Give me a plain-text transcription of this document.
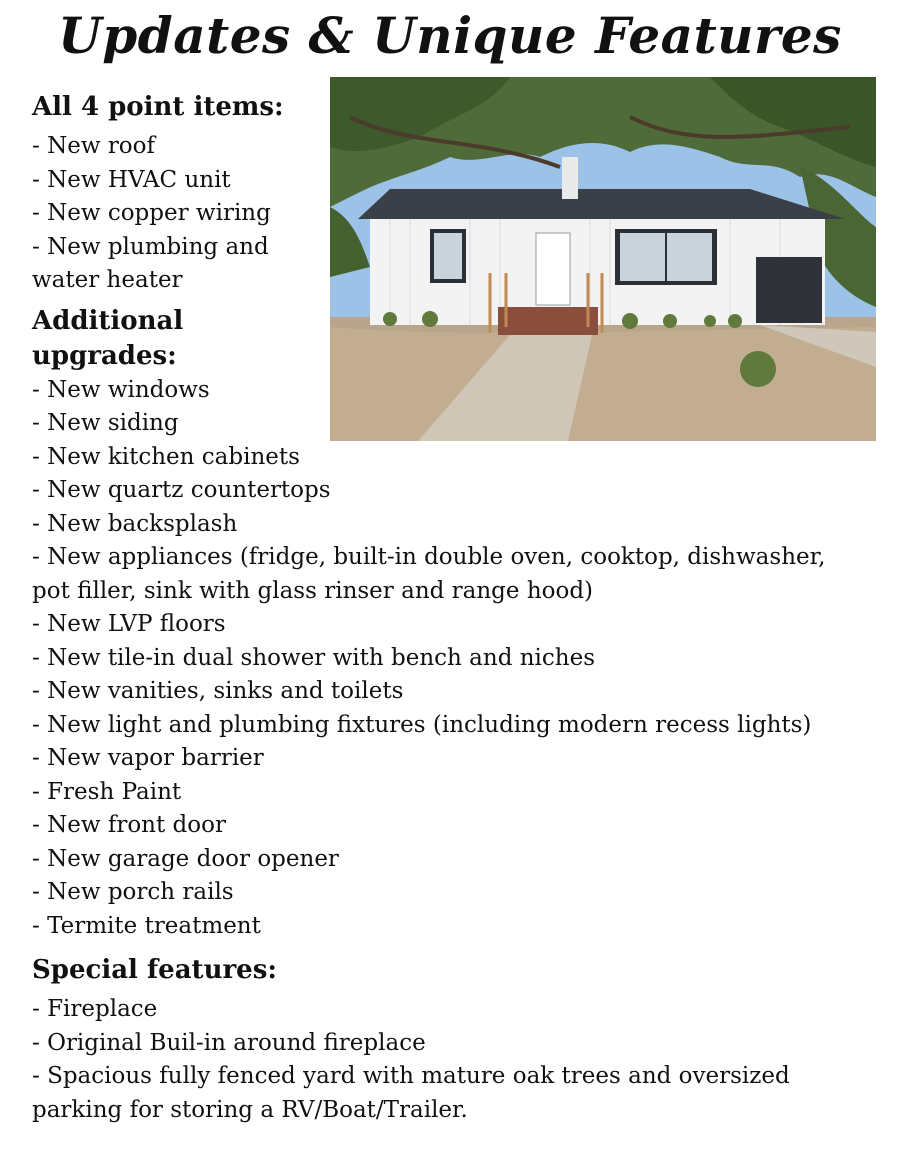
Updates & Unique Features
All 4 point items:
- New roof
- New HVAC unit
- New copper wiring
- New plumbing and water heater
Additional upgrades:
- New windows
- New siding
- New kitchen cabinets
- New quartz countertops
- New backsplash
- New appliances (fridge, built-in double oven, cooktop, dishwasher, pot filler, sink with glass rinser and range hood)
- New LVP floors
- New tile-in dual shower with bench and niches
- New vanities, sinks and toilets
- New light and plumbing fixtures (including modern recess lights)
- New vapor barrier
- Fresh Paint
- New front door
- New garage door opener
- New porch rails
- Termite treatment
Special features:
- Fireplace
- Original Buil-in around fireplace
- Spacious fully fenced yard with mature oak trees and oversized parking for storing a RV/Boat/Trailer.
